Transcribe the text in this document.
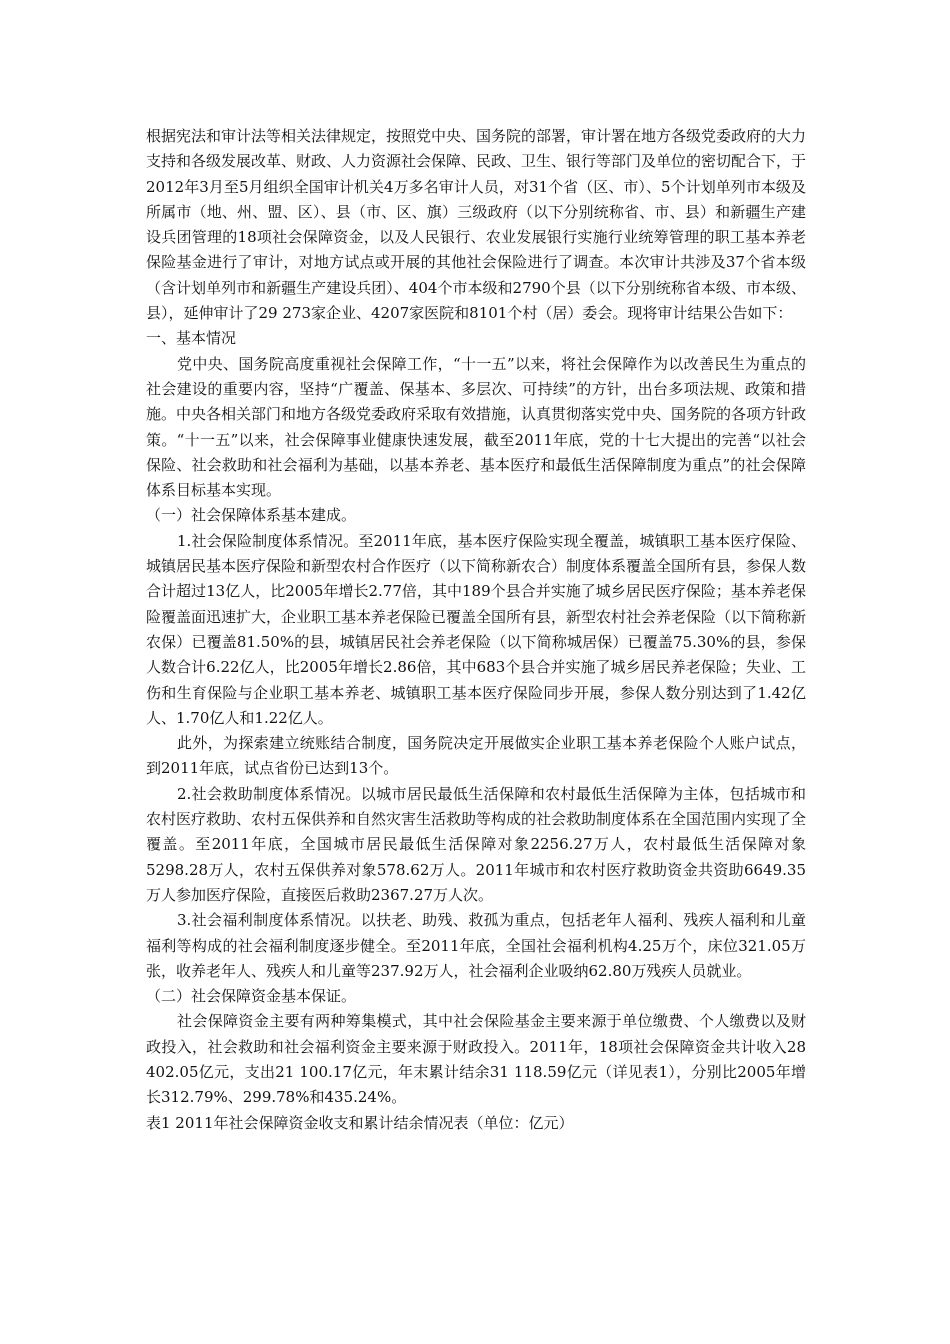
根据宪法和审计法等相关法律规定，按照党中央、国务院的部署，审计署在地方各级党委政府的大力支持和各级发展改革、财政、人力资源社会保障、民政、卫生、银行等部门及单位的密切配合下，于2012年3月至5月组织全国审计机关4万多名审计人员，对31个省（区、市）、5个计划单列市本级及所属市（地、州、盟、区）、县（市、区、旗）三级政府（以下分别统称省、市、县）和新疆生产建设兵团管理的18项社会保障资金，以及人民银行、农业发展银行实施行业统筹管理的职工基本养老保险基金进行了审计，对地方试点或开展的其他社会保险进行了调查。本次审计共涉及37个省本级（含计划单列市和新疆生产建设兵团）、404个市本级和2790个县（以下分别统称省本级、市本级、县），延伸审计了29 273家企业、4207家医院和8101个村（居）委会。现将审计结果公告如下：

一、基本情况

党中央、国务院高度重视社会保障工作，“十一五”以来，将社会保障作为以改善民生为重点的社会建设的重要内容，坚持“广覆盖、保基本、多层次、可持续”的方针，出台多项法规、政策和措施。中央各相关部门和地方各级党委政府采取有效措施，认真贯彻落实党中央、国务院的各项方针政策。“十一五”以来，社会保障事业健康快速发展，截至2011年底，党的十七大提出的完善“以社会保险、社会救助和社会福利为基础，以基本养老、基本医疗和最低生活保障制度为重点”的社会保障体系目标基本实现。

（一）社会保障体系基本建成。

1.社会保险制度体系情况。至2011年底，基本医疗保险实现全覆盖，城镇职工基本医疗保险、城镇居民基本医疗保险和新型农村合作医疗（以下简称新农合）制度体系覆盖全国所有县，参保人数合计超过13亿人，比2005年增长2.77倍，其中189个县合并实施了城乡居民医疗保险；基本养老保险覆盖面迅速扩大，企业职工基本养老保险已覆盖全国所有县，新型农村社会养老保险（以下简称新农保）已覆盖81.50%的县，城镇居民社会养老保险（以下简称城居保）已覆盖75.30%的县，参保人数合计6.22亿人，比2005年增长2.86倍，其中683个县合并实施了城乡居民养老保险；失业、工伤和生育保险与企业职工基本养老、城镇职工基本医疗保险同步开展，参保人数分别达到了1.42亿人、1.70亿人和1.22亿人。

此外，为探索建立统账结合制度，国务院决定开展做实企业职工基本养老保险个人账户试点，到2011年底，试点省份已达到13个。

2.社会救助制度体系情况。以城市居民最低生活保障和农村最低生活保障为主体，包括城市和农村医疗救助、农村五保供养和自然灾害生活救助等构成的社会救助制度体系在全国范围内实现了全覆盖。至2011年底，全国城市居民最低生活保障对象2256.27万人，农村最低生活保障对象5298.28万人，农村五保供养对象578.62万人。2011年城市和农村医疗救助资金共资助6649.35万人参加医疗保险，直接医后救助2367.27万人次。

3.社会福利制度体系情况。以扶老、助残、救孤为重点，包括老年人福利、残疾人福利和儿童福利等构成的社会福利制度逐步健全。至2011年底，全国社会福利机构4.25万个，床位321.05万张，收养老年人、残疾人和儿童等237.92万人，社会福利企业吸纳62.80万残疾人员就业。

（二）社会保障资金基本保证。

社会保障资金主要有两种筹集模式，其中社会保险基金主要来源于单位缴费、个人缴费以及财政投入，社会救助和社会福利资金主要来源于财政投入。2011年，18项社会保障资金共计收入28 402.05亿元，支出21 100.17亿元，年末累计结余31 118.59亿元（详见表1），分别比2005年增长312.79%、299.78%和435.24%。

表1 2011年社会保障资金收支和累计结余情况表（单位：亿元）
